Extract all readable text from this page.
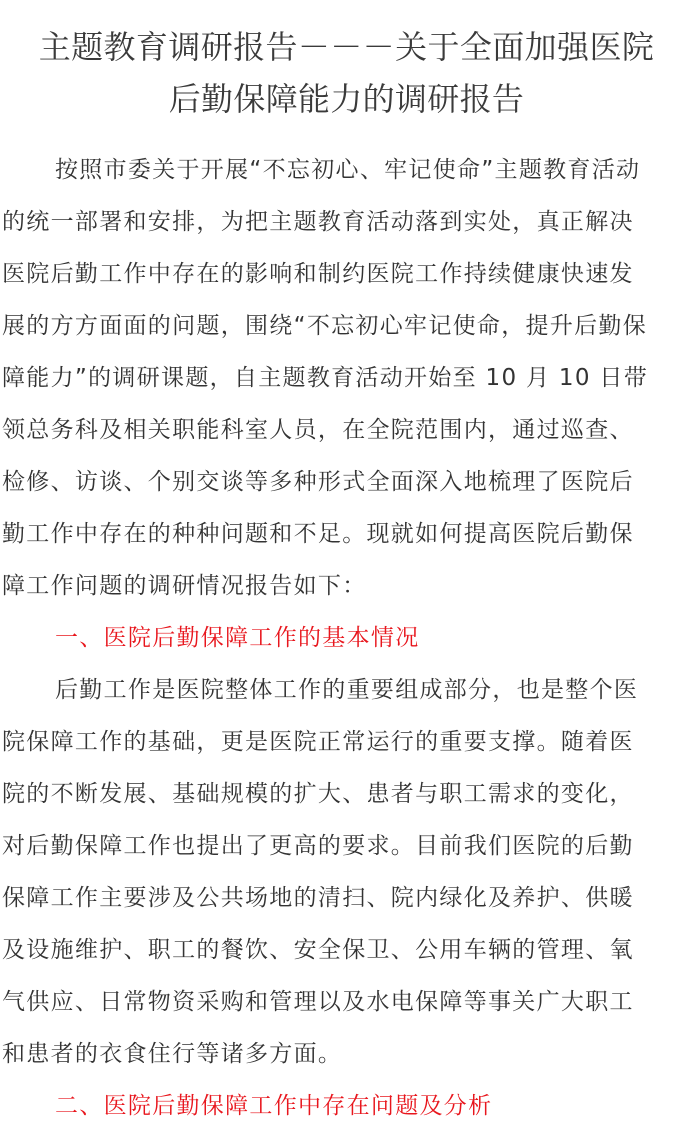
主题教育调研报告－－－关于全面加强医院
后勤保障能力的调研报告
按照市委关于开展“不忘初心、牢记使命”主题教育活动
的统一部署和安排，为把主题教育活动落到实处，真正解决
医院后勤工作中存在的影响和制约医院工作持续健康快速发
展的方方面面的问题，围绕“不忘初心牢记使命，提升后勤保
障能力”的调研课题，自主题教育活动开始至 10 月 10 日带
领总务科及相关职能科室人员，在全院范围内，通过巡查、
检修、访谈、个别交谈等多种形式全面深入地梳理了医院后
勤工作中存在的种种问题和不足。现就如何提高医院后勤保
障工作问题的调研情况报告如下：
一、医院后勤保障工作的基本情况
后勤工作是医院整体工作的重要组成部分，也是整个医
院保障工作的基础，更是医院正常运行的重要支撑。随着医
院的不断发展、基础规模的扩大、患者与职工需求的变化，
对后勤保障工作也提出了更高的要求。目前我们医院的后勤
保障工作主要涉及公共场地的清扫、院内绿化及养护、供暖
及设施维护、职工的餐饮、安全保卫、公用车辆的管理、氧
气供应、日常物资采购和管理以及水电保障等事关广大职工
和患者的衣食住行等诸多方面。
二、医院后勤保障工作中存在问题及分析
